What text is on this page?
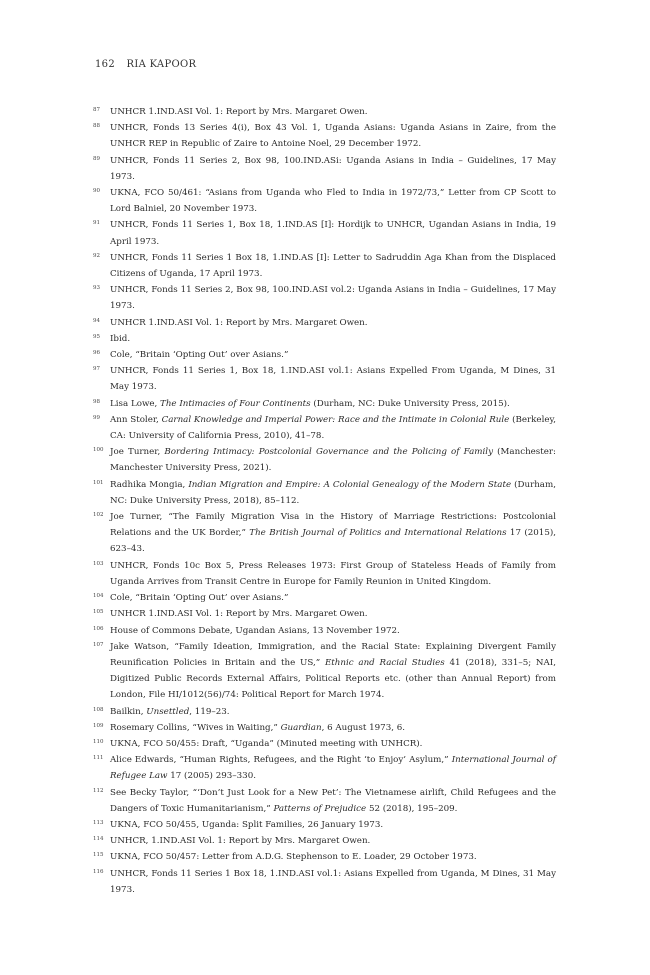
162 RIA KAPOOR
87	UNHCR 1.IND.ASI Vol. 1: Report by Mrs. Margaret Owen.
88	UNHCR, Fonds 13 Series 4(i), Box 43 Vol. 1, Uganda Asians: Uganda Asians in Zaire, from the UNHCR REP in Republic of Zaire to Antoine Noel, 29 December 1972.
89	UNHCR, Fonds 11 Series 2, Box 98, 100.IND.ASi: Uganda Asians in India – Guidelines, 17 May 1973.
90	UKNA, FCO 50/461: “Asians from Uganda who Fled to India in 1972/73,” Letter from CP Scott to Lord Balniel, 20 November 1973.
91	UNHCR, Fonds 11 Series 1, Box 18, 1.IND.AS [I]: Hordijk to UNHCR, Ugandan Asians in India, 19 April 1973.
92	UNHCR, Fonds 11 Series 1 Box 18, 1.IND.AS [I]: Letter to Sadruddin Aga Khan from the Displaced Citizens of Uganda, 17 April 1973.
93	UNHCR, Fonds 11 Series 2, Box 98, 100.IND.ASI vol.2: Uganda Asians in India – Guidelines, 17 May 1973.
94	UNHCR 1.IND.ASI Vol. 1: Report by Mrs. Margaret Owen.
95	Ibid.
96	Cole, “Britain ‘Opting Out’ over Asians.”
97	UNHCR, Fonds 11 Series 1, Box 18, 1.IND.ASI vol.1: Asians Expelled From Uganda, M Dines, 31 May 1973.
98	Lisa Lowe, The Intimacies of Four Continents (Durham, NC: Duke University Press, 2015).
99	Ann Stoler, Carnal Knowledge and Imperial Power: Race and the Intimate in Colonial Rule (Berkeley, CA: University of California Press, 2010), 41–78.
100 Joe Turner, Bordering Intimacy: Postcolonial Governance and the Policing of Family (Manchester: Manchester University Press, 2021).
101 Radhika Mongia, Indian Migration and Empire: A Colonial Genealogy of the Modern State (Durham, NC: Duke University Press, 2018), 85–112.
102 Joe Turner, “The Family Migration Visa in the History of Marriage Restrictions: Postcolonial Relations and the UK Border,” The British Journal of Politics and International Relations 17 (2015), 623–43.
103 UNHCR, Fonds 10c Box 5, Press Releases 1973: First Group of Stateless Heads of Family from Uganda Arrives from Transit Centre in Europe for Family Reunion in United Kingdom.
104 Cole, “Britain ‘Opting Out’ over Asians.”
105 UNHCR 1.IND.ASI Vol. 1: Report by Mrs. Margaret Owen.
106 House of Commons Debate, Ugandan Asians, 13 November 1972.
107 Jake Watson, “Family Ideation, Immigration, and the Racial State: Explaining Divergent Family Reunification Policies in Britain and the US,” Ethnic and Racial Studies 41 (2018), 331–5; NAI, Digitized Public Records External Affairs, Political Reports etc. (other than Annual Report) from London, File HI/1012(56)/74: Political Report for March 1974.
108 Bailkin, Unsettled, 119–23.
109 Rosemary Collins, “Wives in Waiting,” Guardian, 6 August 1973, 6.
110 UKNA, FCO 50/455: Draft, “Uganda” (Minuted meeting with UNHCR).
111 Alice Edwards, “Human Rights, Refugees, and the Right ‘to Enjoy’ Asylum,” International Journal of Refugee Law 17 (2005) 293–330.
112 See Becky Taylor, “‘Don’t Just Look for a New Pet’: The Vietnamese airlift, Child Refugees and the Dangers of Toxic Humanitarianism,” Patterns of Prejudice 52 (2018), 195–209.
113 UKNA, FCO 50/455, Uganda: Split Families, 26 January 1973.
114 UNHCR, 1.IND.ASI Vol. 1: Report by Mrs. Margaret Owen.
115 UKNA, FCO 50/457: Letter from A.D.G. Stephenson to E. Loader, 29 October 1973.
116 UNHCR, Fonds 11 Series 1 Box 18, 1.IND.ASI vol.1: Asians Expelled from Uganda, M Dines, 31 May 1973.
